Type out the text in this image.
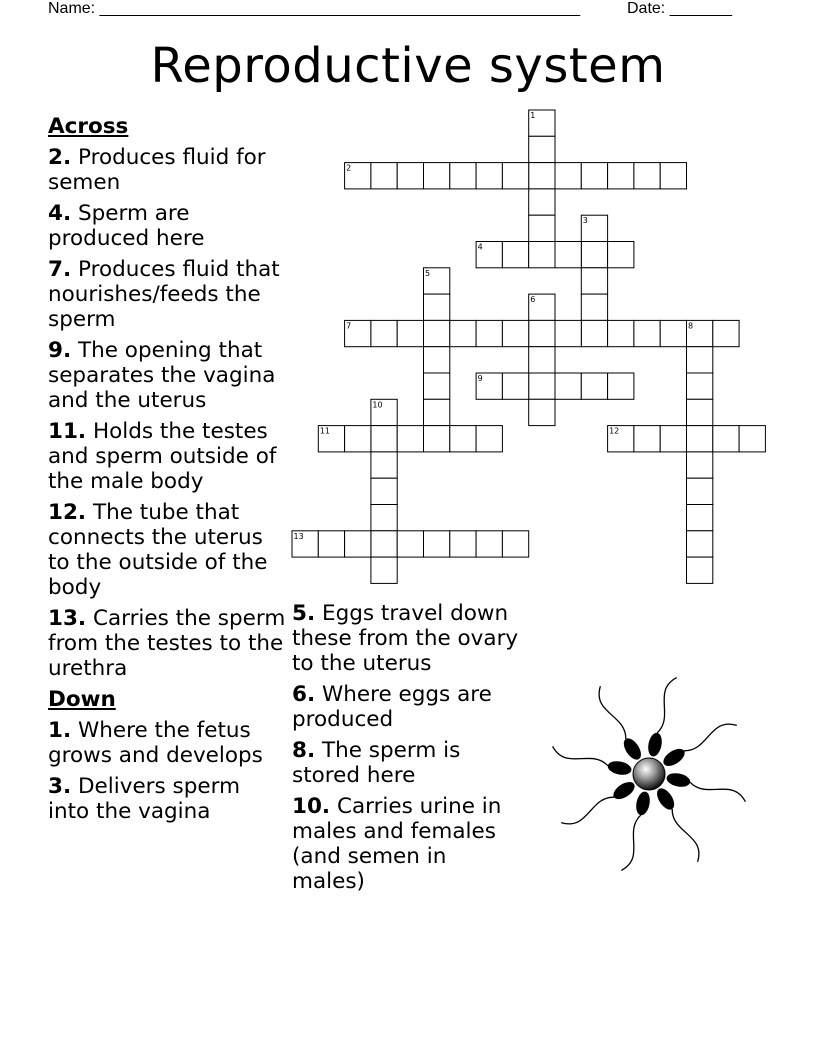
Name: ______________________________________________________	Date: _______
Reproductive system
Across
2. Produces fluid for semen
4. Sperm are produced here
7. Produces fluid that nourishes/feeds the sperm
9. The opening that separates the vagina and the uterus
11. Holds the testes and sperm outside of the male body
12. The tube that connects the uterus to the outside of the body
13. Carries the sperm from the testes to the urethra
Down
1. Where the fetus grows and develops
3. Delivers sperm into the vagina
5. Eggs travel down these from the ovary to the uterus
6. Where eggs are produced
8. The sperm is stored here
10. Carries urine in males and females (and semen in males)
1
2
3
4
5
6
7	8
9
10
11	12
13
